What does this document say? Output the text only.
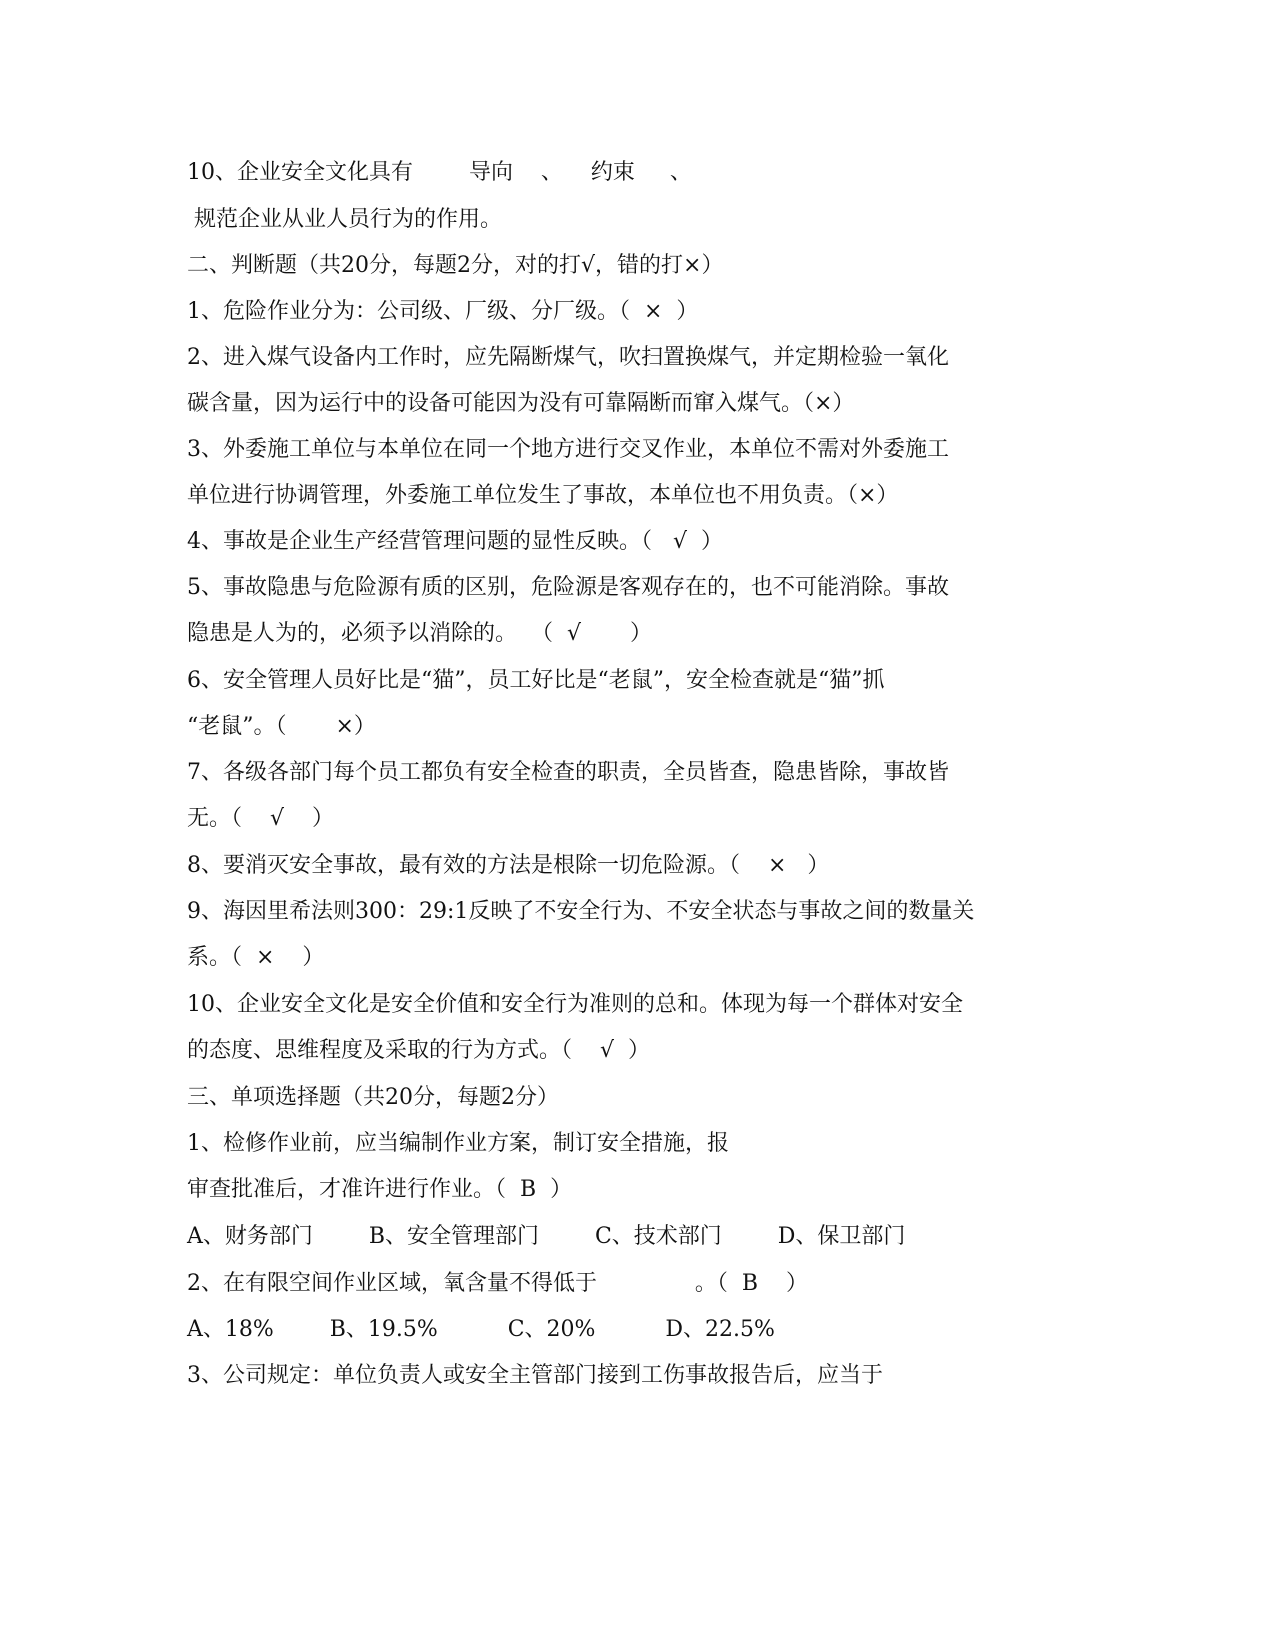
10、企业安全文化具有        导向    、    约束     、
规范企业从业人员行为的作用。
二、判断题（共20分，每题2分，对的打√，错的打×）
1、危险作业分为：公司级、厂级、分厂级。（  ×  ）
2、进入煤气设备内工作时，应先隔断煤气，吹扫置换煤气，并定期检验一氧化
碳含量，因为运行中的设备可能因为没有可靠隔断而窜入煤气。（×）
3、外委施工单位与本单位在同一个地方进行交叉作业，本单位不需对外委施工
单位进行协调管理，外委施工单位发生了事故，本单位也不用负责。（×）
4、事故是企业生产经营管理问题的显性反映。（   √  ）
5、事故隐患与危险源有质的区别，危险源是客观存在的，也不可能消除。事故
隐患是人为的，必须予以消除的。  （  √       ）
6、安全管理人员好比是“猫”，员工好比是“老鼠”，安全检查就是“猫”抓
“老鼠”。（       ×）
7、各级各部门每个员工都负有安全检查的职责，全员皆查，隐患皆除，事故皆
无。（    √    ）
8、要消灭安全事故，最有效的方法是根除一切危险源。（    ×   ）
9、海因里希法则300：29:1反映了不安全行为、不安全状态与事故之间的数量关
系。（  ×    ）
10、企业安全文化是安全价值和安全行为准则的总和。体现为每一个群体对安全
的态度、思维程度及采取的行为方式。（    √  ）
三、单项选择题（共20分，每题2分）
1、检修作业前，应当编制作业方案，制订安全措施，报
审查批准后，才准许进行作业。（  B  ）
A、财务部门        B、安全管理部门        C、技术部门        D、保卫部门
2、在有限空间作业区域，氧含量不得低于              。（  B    ）
A、18%        B、19.5%          C、20%          D、22.5%
3、公司规定：单位负责人或安全主管部门接到工伤事故报告后，应当于
